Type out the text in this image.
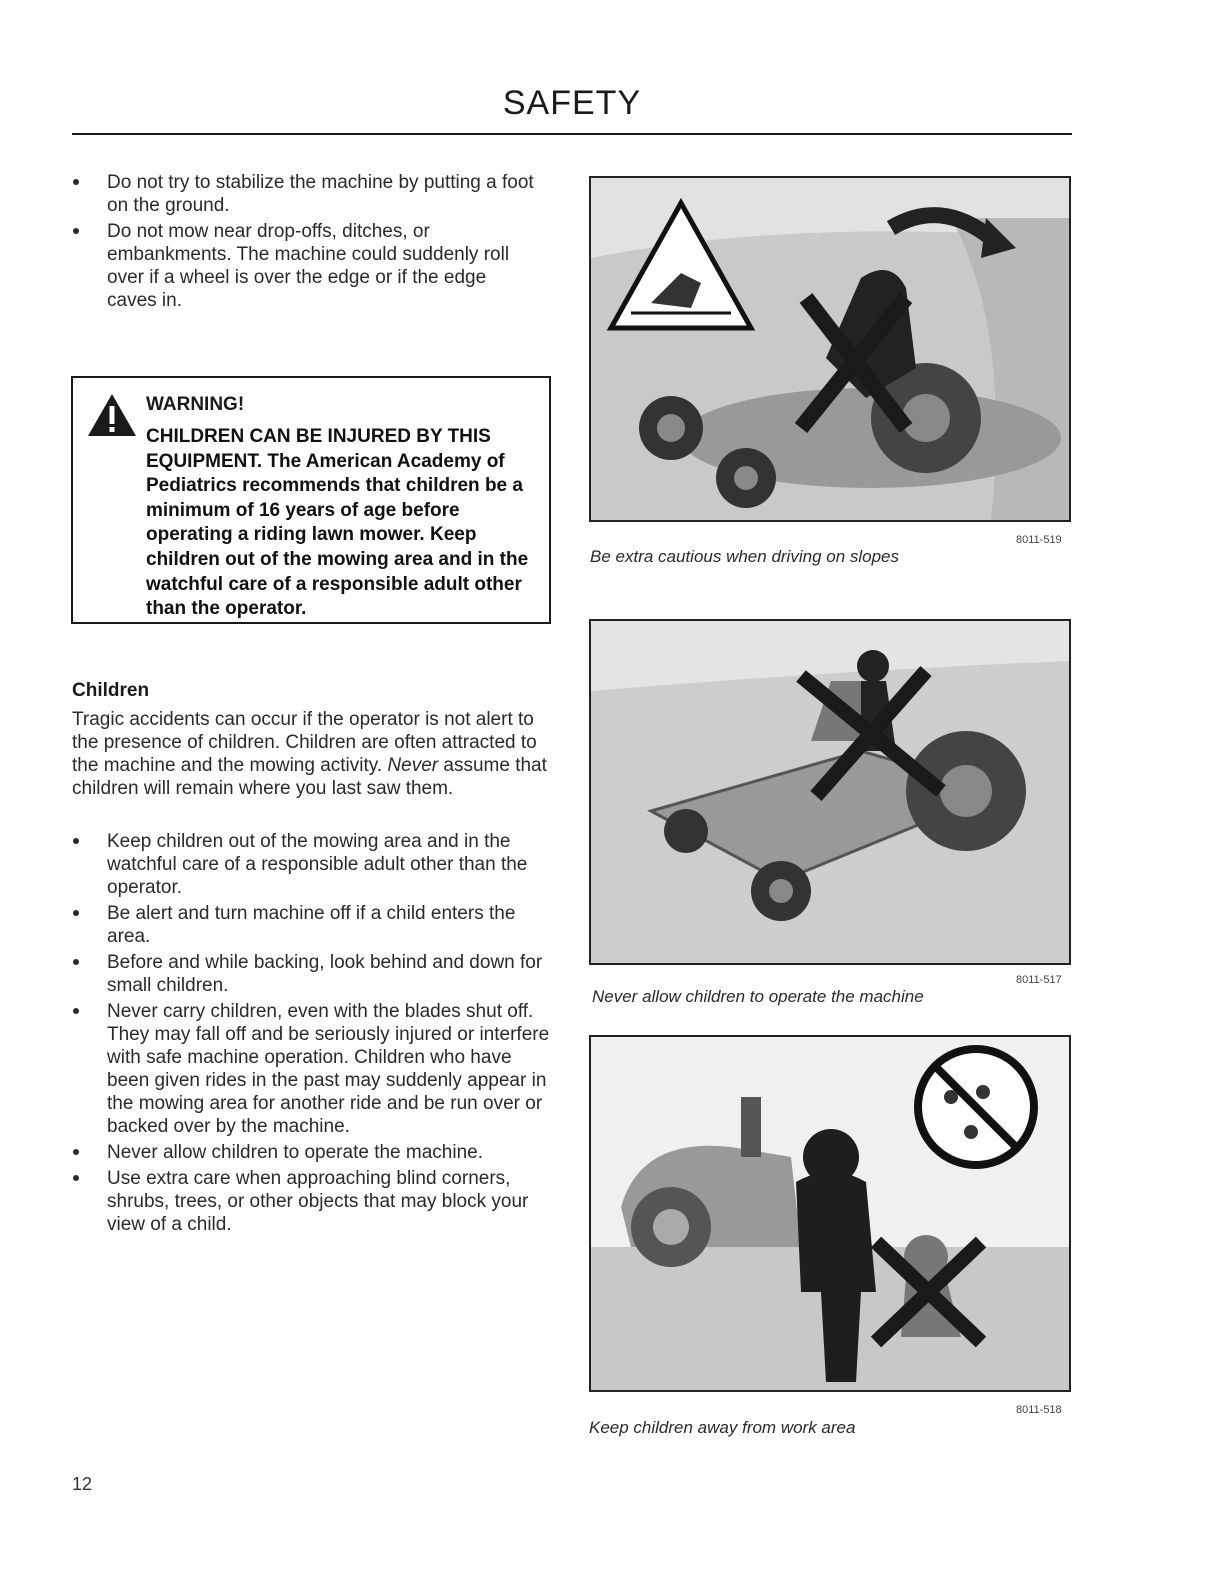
SAFETY
Do not try to stabilize the machine by putting a foot on the ground.
Do not mow near drop-offs, ditches, or embankments. The machine could suddenly roll over if a wheel is over the edge or if the edge caves in.
WARNING!
CHILDREN CAN BE INJURED BY THIS EQUIPMENT. The American Academy of Pediatrics recommends that children be a minimum of 16 years of age before operating a riding lawn mower. Keep children out of the mowing area and in the watchful care of a responsible adult other than the operator.
Children
Tragic accidents can occur if the operator is not alert to the presence of children. Children are often attracted to the machine and the mowing activity. Never assume that children will remain where you last saw them.
Keep children out of the mowing area and in the watchful care of a responsible adult other than the operator.
Be alert and turn machine off if a child enters the area.
Before and while backing, look behind and down for small children.
Never carry children, even with the blades shut off. They may fall off and be seriously injured or interfere with safe machine operation. Children who have been given rides in the past may suddenly appear in the mowing area for another ride and be run over or backed over by the machine.
Never allow children to operate the machine.
Use extra care when approaching blind corners, shrubs, trees, or other objects that may block your view of a child.
8011-519
Be extra cautious when driving on slopes
8011-517
Never allow children to operate the machine
8011-518
Keep children away from work area
12
